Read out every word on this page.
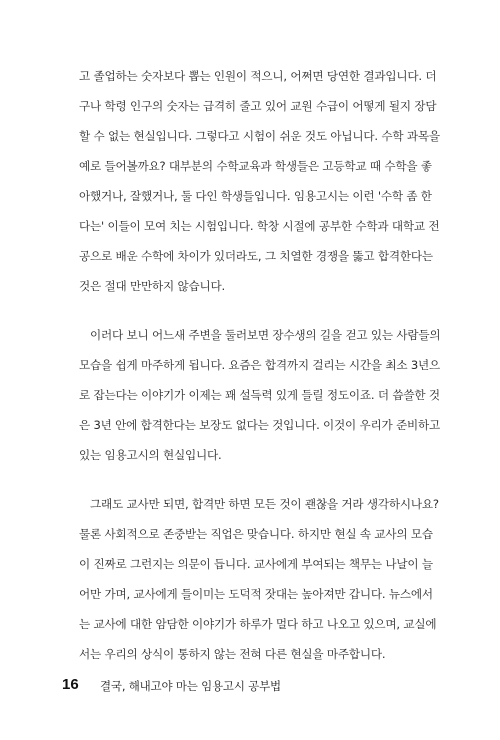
고 졸업하는 숫자보다 뽑는 인원이 적으니, 어쩌면 당연한 결과입니다. 더
구나 학령 인구의 숫자는 급격히 줄고 있어 교원 수급이 어떻게 될지 장담
할 수 없는 현실입니다. 그렇다고 시험이 쉬운 것도 아닙니다. 수학 과목을
예로 들어볼까요? 대부분의 수학교육과 학생들은 고등학교 때 수학을 좋
아했거나, 잘했거나, 둘 다인 학생들입니다. 임용고시는 이런 '수학 좀 한
다는' 이들이 모여 치는 시험입니다. 학창 시절에 공부한 수학과 대학교 전
공으로 배운 수학에 차이가 있더라도, 그 치열한 경쟁을 뚫고 합격한다는
것은 절대 만만하지 않습니다.
이러다 보니 어느새 주변을 둘러보면 장수생의 길을 걷고 있는 사람들의
모습을 쉽게 마주하게 됩니다. 요즘은 합격까지 걸리는 시간을 최소 3년으
로 잡는다는 이야기가 이제는 꽤 설득력 있게 들릴 정도이죠. 더 씁쓸한 것
은 3년 안에 합격한다는 보장도 없다는 것입니다. 이것이 우리가 준비하고
있는 임용고시의 현실입니다.
그래도 교사만 되면, 합격만 하면 모든 것이 괜찮을 거라 생각하시나요?
물론 사회적으로 존중받는 직업은 맞습니다. 하지만 현실 속 교사의 모습
이 진짜로 그런지는 의문이 듭니다. 교사에게 부여되는 책무는 나날이 늘
어만 가며, 교사에게 들이미는 도덕적 잣대는 높아져만 갑니다. 뉴스에서
는 교사에 대한 암담한 이야기가 하루가 멀다 하고 나오고 있으며, 교실에
서는 우리의 상식이 통하지 않는 전혀 다른 현실을 마주합니다.
16 결국, 해내고야 마는 임용고시 공부법
